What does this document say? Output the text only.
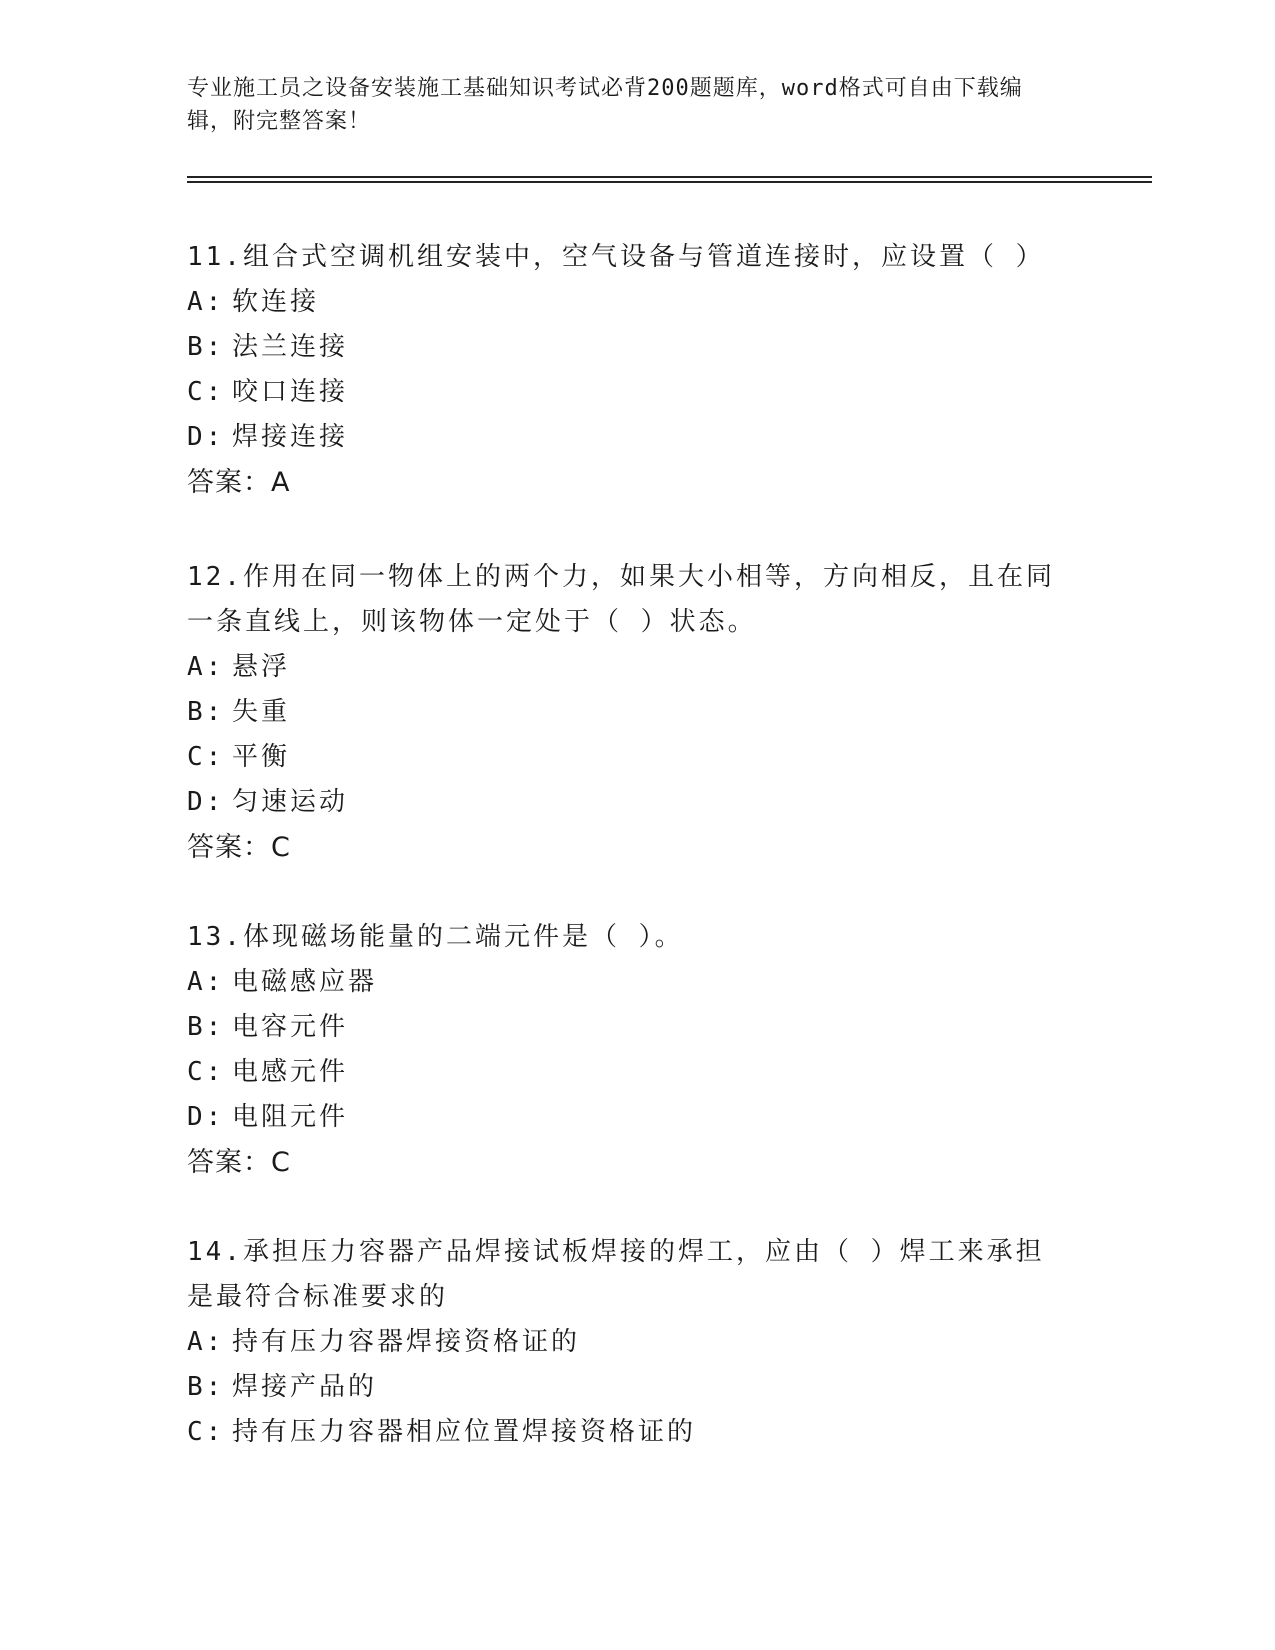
专业施工员之设备安装施工基础知识考试必背200题题库，word格式可自由下载编辑，附完整答案！
11.组合式空调机组安装中，空气设备与管道连接时，应设置（ ）
A: 软连接
B: 法兰连接
C: 咬口连接
D: 焊接连接
答案：A
12.作用在同一物体上的两个力，如果大小相等，方向相反，且在同一条直线上，则该物体一定处于（ ）状态。
A: 悬浮
B: 失重
C: 平衡
D: 匀速运动
答案：C
13.体现磁场能量的二端元件是（ ）。
A: 电磁感应器
B: 电容元件
C: 电感元件
D: 电阻元件
答案：C
14.承担压力容器产品焊接试板焊接的焊工，应由（ ）焊工来承担是最符合标准要求的
A: 持有压力容器焊接资格证的
B: 焊接产品的
C: 持有压力容器相应位置焊接资格证的
